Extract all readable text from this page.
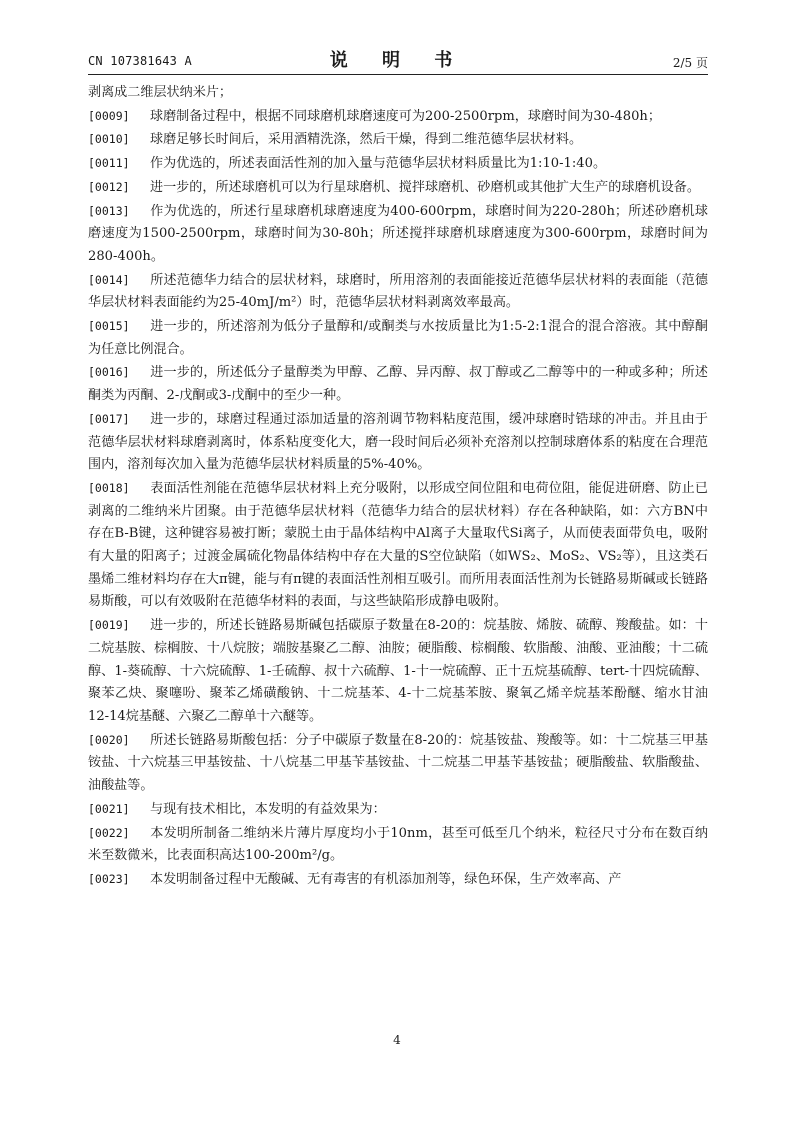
CN 107381643 A	说 明 书	2/5 页

剥离成二维层状纳米片；

[0009] 球磨制备过程中，根据不同球磨机球磨速度可为200-2500rpm，球磨时间为30-480h；

[0010] 球磨足够长时间后，采用酒精洗涤，然后干燥，得到二维范德华层状材料。

[0011] 作为优选的，所述表面活性剂的加入量与范德华层状材料质量比为1:10-1:40。

[0012] 进一步的，所述球磨机可以为行星球磨机、搅拌球磨机、砂磨机或其他扩大生产的球磨机设备。

[0013] 作为优选的，所述行星球磨机球磨速度为400-600rpm，球磨时间为220-280h；所述砂磨机球磨速度为1500-2500rpm，球磨时间为30-80h；所述搅拌球磨机球磨速度为300-600rpm，球磨时间为280-400h。

[0014] 所述范德华力结合的层状材料，球磨时，所用溶剂的表面能接近范德华层状材料的表面能（范德华层状材料表面能约为25-40mJ/m²）时，范德华层状材料剥离效率最高。

[0015] 进一步的，所述溶剂为低分子量醇和/或酮类与水按质量比为1:5-2:1混合的混合溶液。其中醇酮为任意比例混合。

[0016] 进一步的，所述低分子量醇类为甲醇、乙醇、异丙醇、叔丁醇或乙二醇等中的一种或多种；所述酮类为丙酮、2-戊酮或3-戊酮中的至少一种。

[0017] 进一步的，球磨过程通过添加适量的溶剂调节物料粘度范围，缓冲球磨时锆球的冲击。并且由于范德华层状材料球磨剥离时，体系粘度变化大，磨一段时间后必须补充溶剂以控制球磨体系的粘度在合理范围内，溶剂每次加入量为范德华层状材料质量的5%-40%。

[0018] 表面活性剂能在范德华层状材料上充分吸附，以形成空间位阻和电荷位阻，能促进研磨、防止已剥离的二维纳米片团聚。由于范德华层状材料（范德华力结合的层状材料）存在各种缺陷，如：六方BN中存在B-B键，这种键容易被打断；蒙脱土由于晶体结构中Al离子大量取代Si离子，从而使表面带负电，吸附有大量的阳离子；过渡金属硫化物晶体结构中存在大量的S空位缺陷（如WS₂、MoS₂、VS₂等），且这类石墨烯二维材料均存在大π键，能与有π键的表面活性剂相互吸引。而所用表面活性剂为长链路易斯碱或长链路易斯酸，可以有效吸附在范德华材料的表面，与这些缺陷形成静电吸附。

[0019] 进一步的，所述长链路易斯碱包括碳原子数量在8-20的：烷基胺、烯胺、硫醇、羧酸盐。如：十二烷基胺、棕榈胺、十八烷胺；端胺基聚乙二醇、油胺；硬脂酸、棕榈酸、软脂酸、油酸、亚油酸；十二硫醇、1-葵硫醇、十六烷硫醇、1-壬硫醇、叔十六硫醇、1-十一烷硫醇、正十五烷基硫醇、tert-十四烷硫醇、聚苯乙炔、聚噻吩、聚苯乙烯磺酸钠、十二烷基苯、4-十二烷基苯胺、聚氧乙烯辛烷基苯酚醚、缩水甘油12-14烷基醚、六聚乙二醇单十六醚等。

[0020] 所述长链路易斯酸包括：分子中碳原子数量在8-20的：烷基铵盐、羧酸等。如：十二烷基三甲基铵盐、十六烷基三甲基铵盐、十八烷基二甲基苄基铵盐、十二烷基二甲基苄基铵盐；硬脂酸盐、软脂酸盐、油酸盐等。

[0021] 与现有技术相比，本发明的有益效果为：

[0022] 本发明所制备二维纳米片薄片厚度均小于10nm，甚至可低至几个纳米，粒径尺寸分布在数百纳米至数微米，比表面积高达100-200m²/g。

[0023] 本发明制备过程中无酸碱、无有毒害的有机添加剂等，绿色环保，生产效率高、产

4
